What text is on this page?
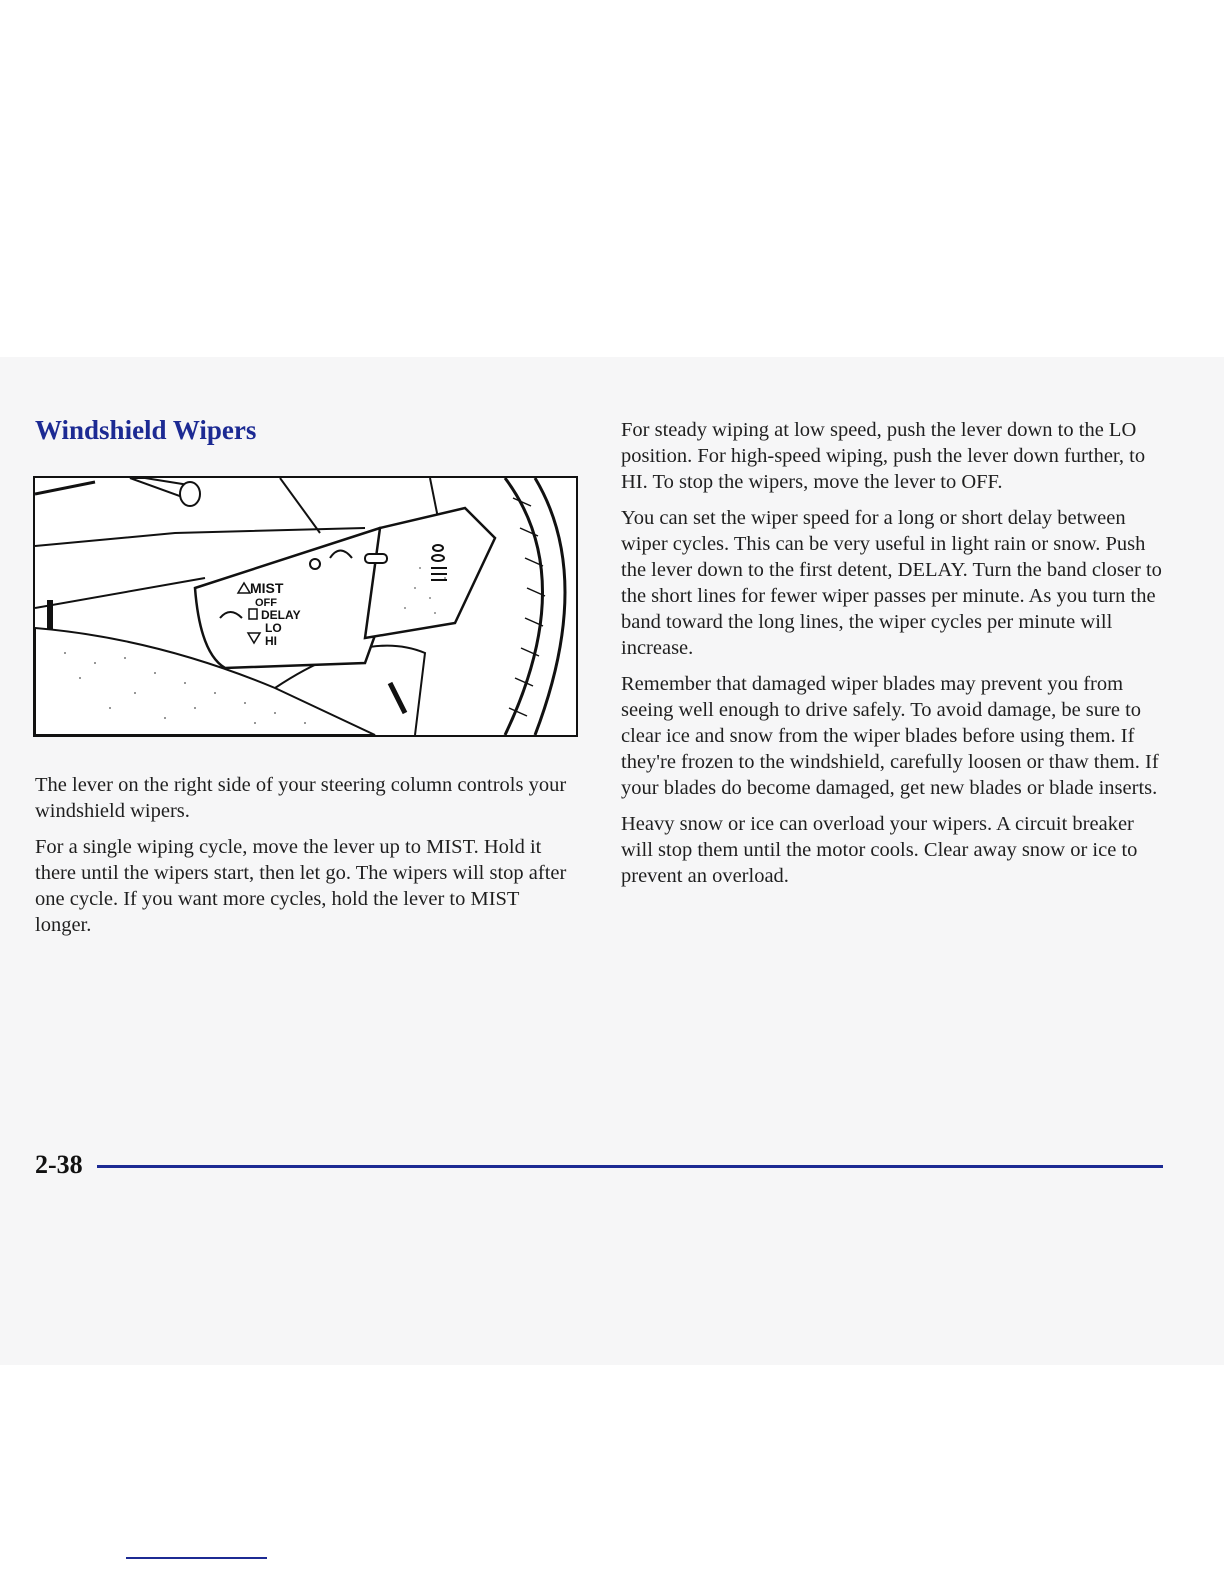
Windshield Wipers
MIST
OFF
DELAY
LO
HI

The lever on the right side of your steering column controls your windshield wipers.

For a single wiping cycle, move the lever up to MIST. Hold it there until the wipers start, then let go. The wipers will stop after one cycle. If you want more cycles, hold the lever to MIST longer.

For steady wiping at low speed, push the lever down to the LO position. For high-speed wiping, push the lever down further, to HI. To stop the wipers, move the lever to OFF.

You can set the wiper speed for a long or short delay between wiper cycles. This can be very useful in light rain or snow. Push the lever down to the first detent, DELAY. Turn the band closer to the short lines for fewer wiper passes per minute. As you turn the band toward the long lines, the wiper cycles per minute will increase.

Remember that damaged wiper blades may prevent you from seeing well enough to drive safely. To avoid damage, be sure to clear ice and snow from the wiper blades before using them. If they're frozen to the windshield, carefully loosen or thaw them. If your blades do become damaged, get new blades or blade inserts.

Heavy snow or ice can overload your wipers. A circuit breaker will stop them until the motor cools. Clear away snow or ice to prevent an overload.

2-38
